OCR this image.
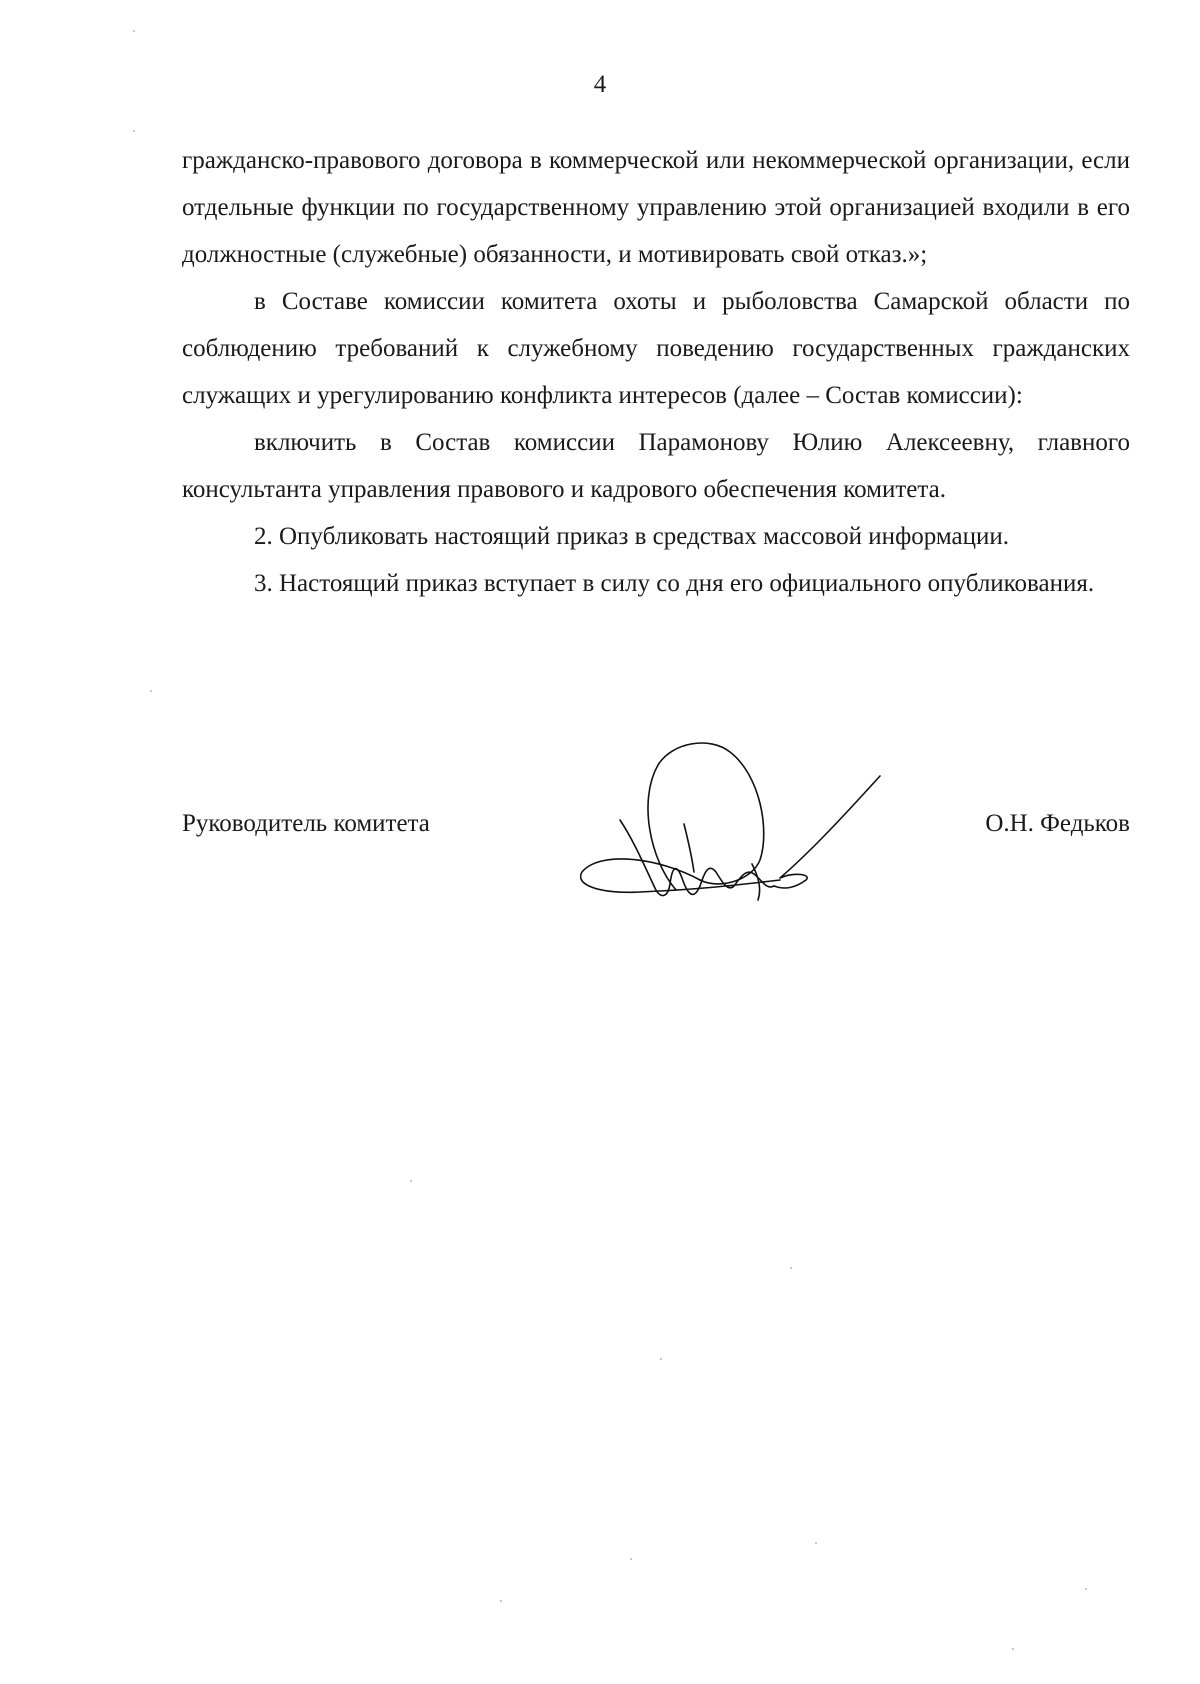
4

гражданско-правового договора в коммерческой или некоммерческой организации, если отдельные функции по государственному управлению этой организацией входили в его должностные (служебные) обязанности, и мотивировать свой отказ.»;

в Составе комиссии комитета охоты и рыболовства Самарской области по соблюдению требований к служебному поведению государственных гражданских служащих и урегулированию конфликта интересов (далее – Состав комиссии):

включить в Состав комиссии Парамонову Юлию Алексеевну, главного консультанта управления правового и кадрового обеспечения комитета.

2. Опубликовать настоящий приказ в средствах массовой информации.

3. Настоящий приказ вступает в силу со дня его официального опубликования.

Руководитель комитета	О.Н. Федьков
